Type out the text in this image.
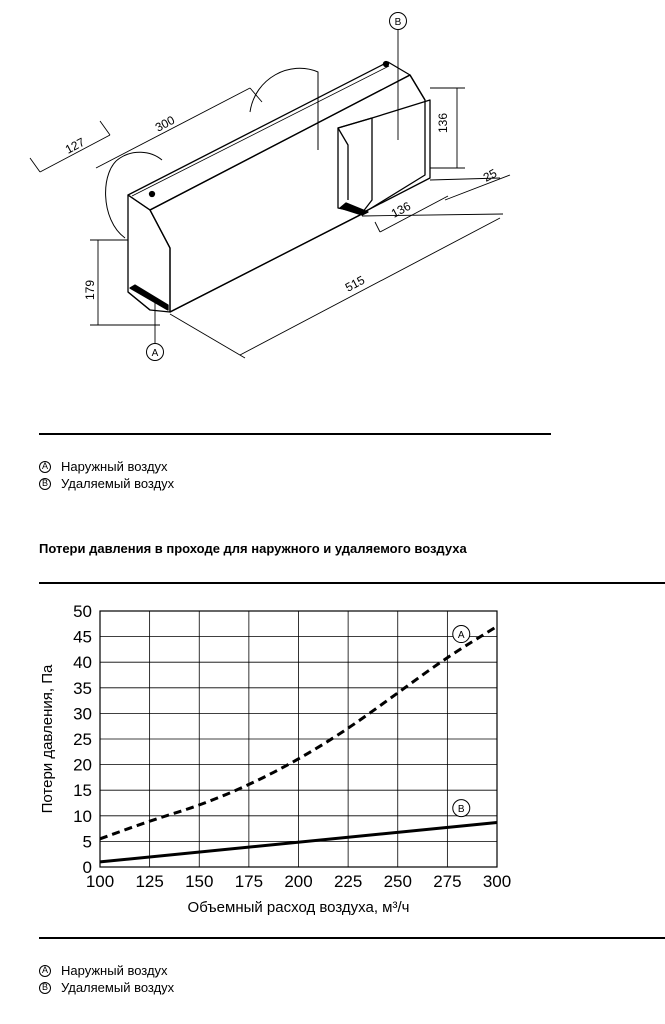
127
300	136
136
25
515
179
A
B
A Наружный воздух
B Удаляемый воздух
Потери давления в проходе для наружного и удаляемого воздуха
100 125 150 175 200 225 250 275 300
0
5
10
15
20
25
30
35
40
45
50
Объемный расход воздуха, м³/ч
Потери давления, Па
A
B
A Наружный воздух
B Удаляемый воздух
